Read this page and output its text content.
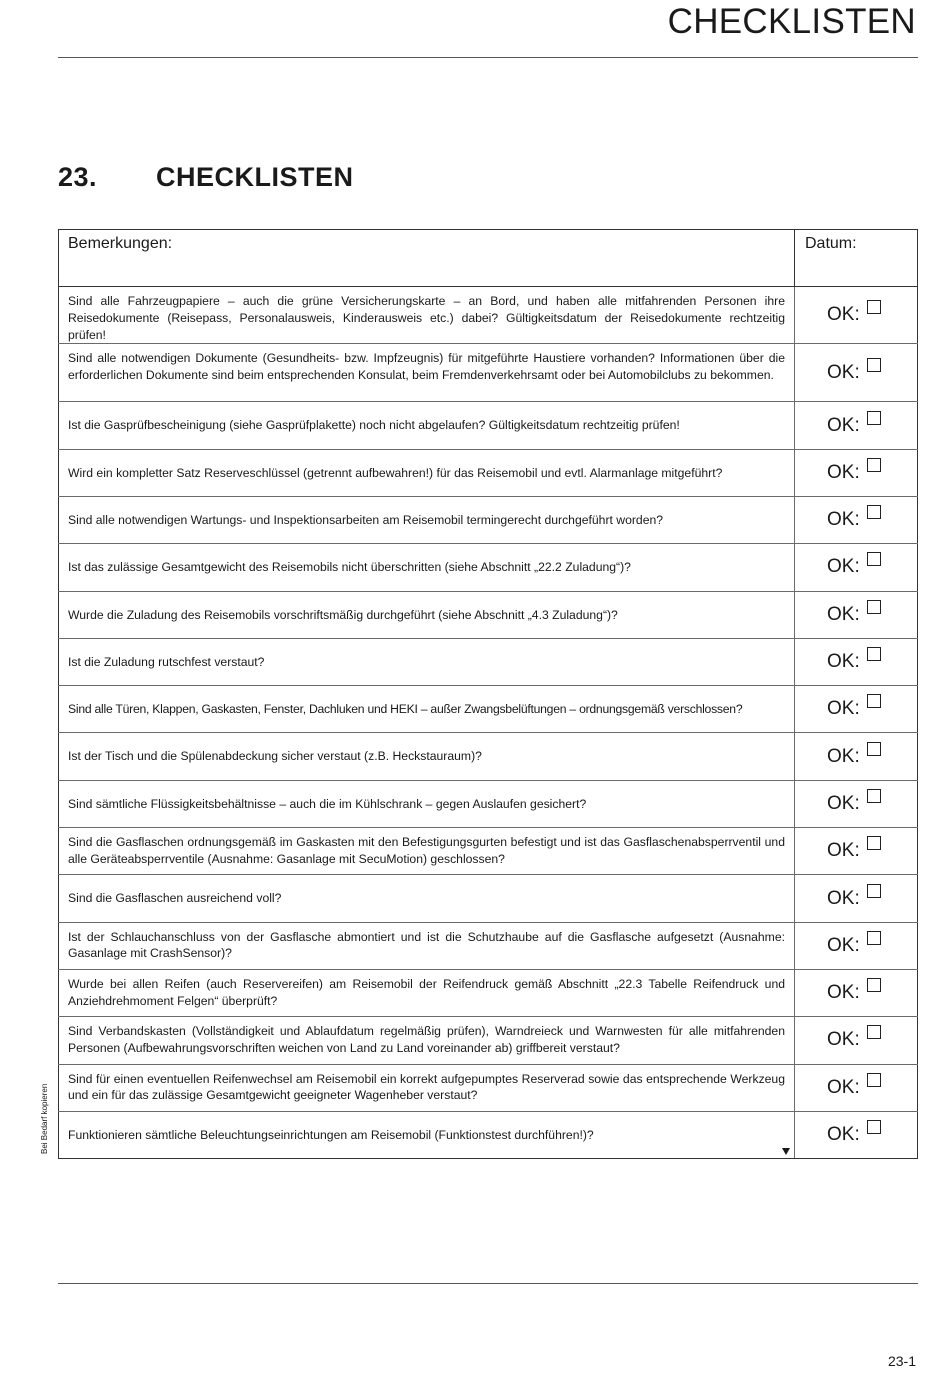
CHECKLISTEN
23. CHECKLISTEN
Bei Bedarf kopieren
Bemerkungen:	Datum:
Sind alle Fahrzeugpapiere – auch die grüne Versicherungskarte – an Bord, und haben alle mitfahrenden Personen ihre Reisedokumente (Reisepass, Personalausweis, Kinderausweis etc.) dabei? Gültigkeitsdatum der Reisedokumente rechtzeitig prüfen!	OK:

Sind alle notwendigen Dokumente (Gesundheits- bzw. Impfzeugnis) für mitgeführte Haustiere vorhanden? Informationen über die erforderlichen Dokumente sind beim entsprechenden Konsulat, beim Fremdenverkehrsamt oder bei Automobilclubs zu bekommen.	OK:

Ist die Gasprüfbescheinigung (siehe Gasprüfplakette) noch nicht abgelaufen? Gültigkeitsdatum rechtzeitig prüfen!	OK:

Wird ein kompletter Satz Reserveschlüssel (getrennt aufbewahren!) für das Reisemobil und evtl. Alarmanlage mitgeführt?	OK:

Sind alle notwendigen Wartungs- und Inspektionsarbeiten am Reisemobil termingerecht durchgeführt worden?	OK:

Ist das zulässige Gesamtgewicht des Reisemobils nicht überschritten (siehe Abschnitt „22.2 Zuladung“)?	OK:

Wurde die Zuladung des Reisemobils vorschriftsmäßig durchgeführt (siehe Abschnitt „4.3 Zuladung“)?	OK:

Ist die Zuladung rutschfest verstaut?	OK:

Sind alle Türen, Klappen, Gaskasten, Fenster, Dachluken und HEKI – außer Zwangsbelüftungen – ordnungsgemäß verschlossen?	OK:

Ist der Tisch und die Spülenabdeckung sicher verstaut (z.B. Heckstauraum)?	OK:

Sind sämtliche Flüssigkeitsbehältnisse – auch die im Kühlschrank – gegen Auslaufen gesichert?	OK:

Sind die Gasflaschen ordnungsgemäß im Gaskasten mit den Befestigungsgurten befestigt und ist das Gasflaschenabsperrventil und alle Geräteabsperrventile (Ausnahme: Gasanlage mit SecuMotion) geschlossen?	OK:

Sind die Gasflaschen ausreichend voll?	OK:

Ist der Schlauchanschluss von der Gasflasche abmontiert und ist die Schutzhaube auf die Gasflasche aufgesetzt (Ausnahme: Gasanlage mit CrashSensor)?	OK:

Wurde bei allen Reifen (auch Reservereifen) am Reisemobil der Reifendruck gemäß Abschnitt „22.3 Tabelle Reifendruck und Anziehdrehmoment Felgen“ überprüft?	OK:

Sind Verbandskasten (Vollständigkeit und Ablaufdatum regelmäßig prüfen), Warndreieck und Warnwesten für alle mitfahrenden Personen (Aufbewahrungsvorschriften weichen von Land zu Land voreinander ab) griffbereit verstaut?	OK:

Sind für einen eventuellen Reifenwechsel am Reisemobil ein korrekt aufgepumptes Reserverad sowie das entsprechende Werkzeug und ein für das zulässige Gesamtgewicht geeigneter Wagenheber verstaut?	OK:

Funktionieren sämtliche Beleuchtungseinrichtungen am Reisemobil (Funktionstest durchführen!)?	OK:
23-1
